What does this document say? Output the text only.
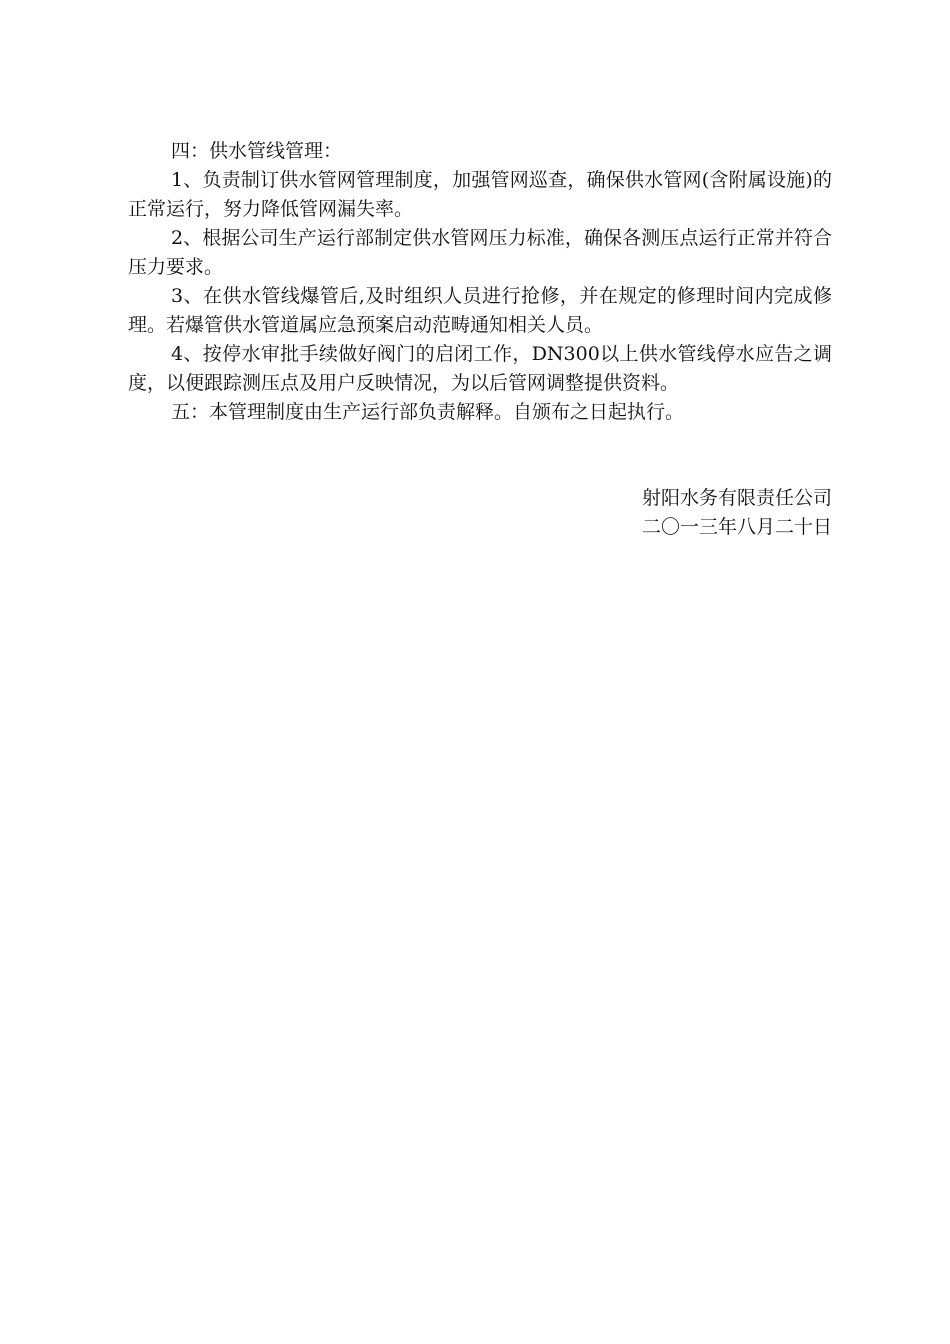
四：供水管线管理：

1、负责制订供水管网管理制度，加强管网巡查，确保供水管网(含附属设施)的正常运行，努力降低管网漏失率。

2、根据公司生产运行部制定供水管网压力标准，确保各测压点运行正常并符合压力要求。

3、在供水管线爆管后,及时组织人员进行抢修，并在规定的修理时间内完成修理。若爆管供水管道属应急预案启动范畴通知相关人员。

4、按停水审批手续做好阀门的启闭工作，DN300以上供水管线停水应告之调度，以便跟踪测压点及用户反映情况，为以后管网调整提供资料。

五：本管理制度由生产运行部负责解释。自颁布之日起执行。

射阳水务有限责任公司

二〇一三年八月二十日
